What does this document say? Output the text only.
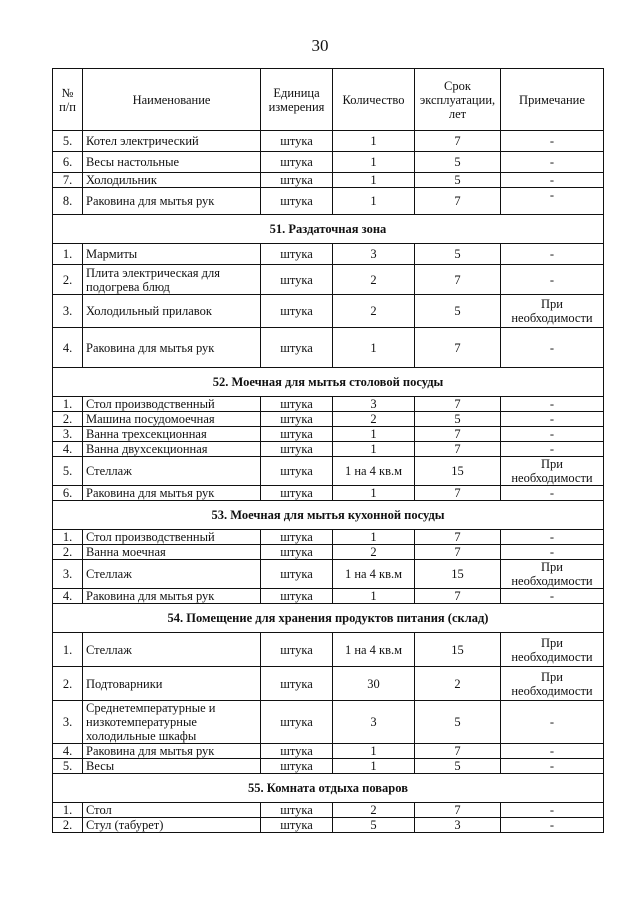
30
№ п/п	Наименование	Единица измерения	Количество	Срок эксплуатации, лет	Примечание
5.	Котел электрический	штука	1	7	-
6.	Весы настольные	штука	1	5	-
7.	Холодильник	штука	1	5	-
8.	Раковина для мытья рук	штука	1	7	-
51. Раздаточная зона					
1.	Мармиты	штука	3	5	-
2.	Плита электрическая для подогрева блюд	штука	2	7	-
3.	Холодильный прилавок	штука	2	5	При необходимости
4.	Раковина для мытья рук	штука	1	7	-
52. Моечная для мытья столовой посуды					
1.	Стол производственный	штука	3	7	-
2.	Машина посудомоечная	штука	2	5	-
3.	Ванна трехсекционная	штука	1	7	-
4.	Ванна двухсекционная	штука	1	7	-
5.	Стеллаж	штука	1 на 4 кв.м	15	При необходимости
6.	Раковина для мытья рук	штука	1	7	-
53. Моечная для мытья кухонной посуды					
1.	Стол производственный	штука	1	7	-
2.	Ванна моечная	штука	2	7	-
3.	Стеллаж	штука	1 на 4 кв.м	15	При необходимости
4.	Раковина для мытья рук	штука	1	7	-
54. Помещение для хранения продуктов питания (склад)					
1.	Стеллаж	штука	1 на 4 кв.м	15	При необходимости
2.	Подтоварники	штука	30	2	При необходимости
3.	Среднетемпературные и низкотемпературные холодильные шкафы	штука	3	5	-
4.	Раковина для мытья рук	штука	1	7	-
5.	Весы	штука	1	5	-
55. Комната отдыха поваров					
1.	Стол	штука	2	7	-
2.	Стул (табурет)	штука	5	3	-
